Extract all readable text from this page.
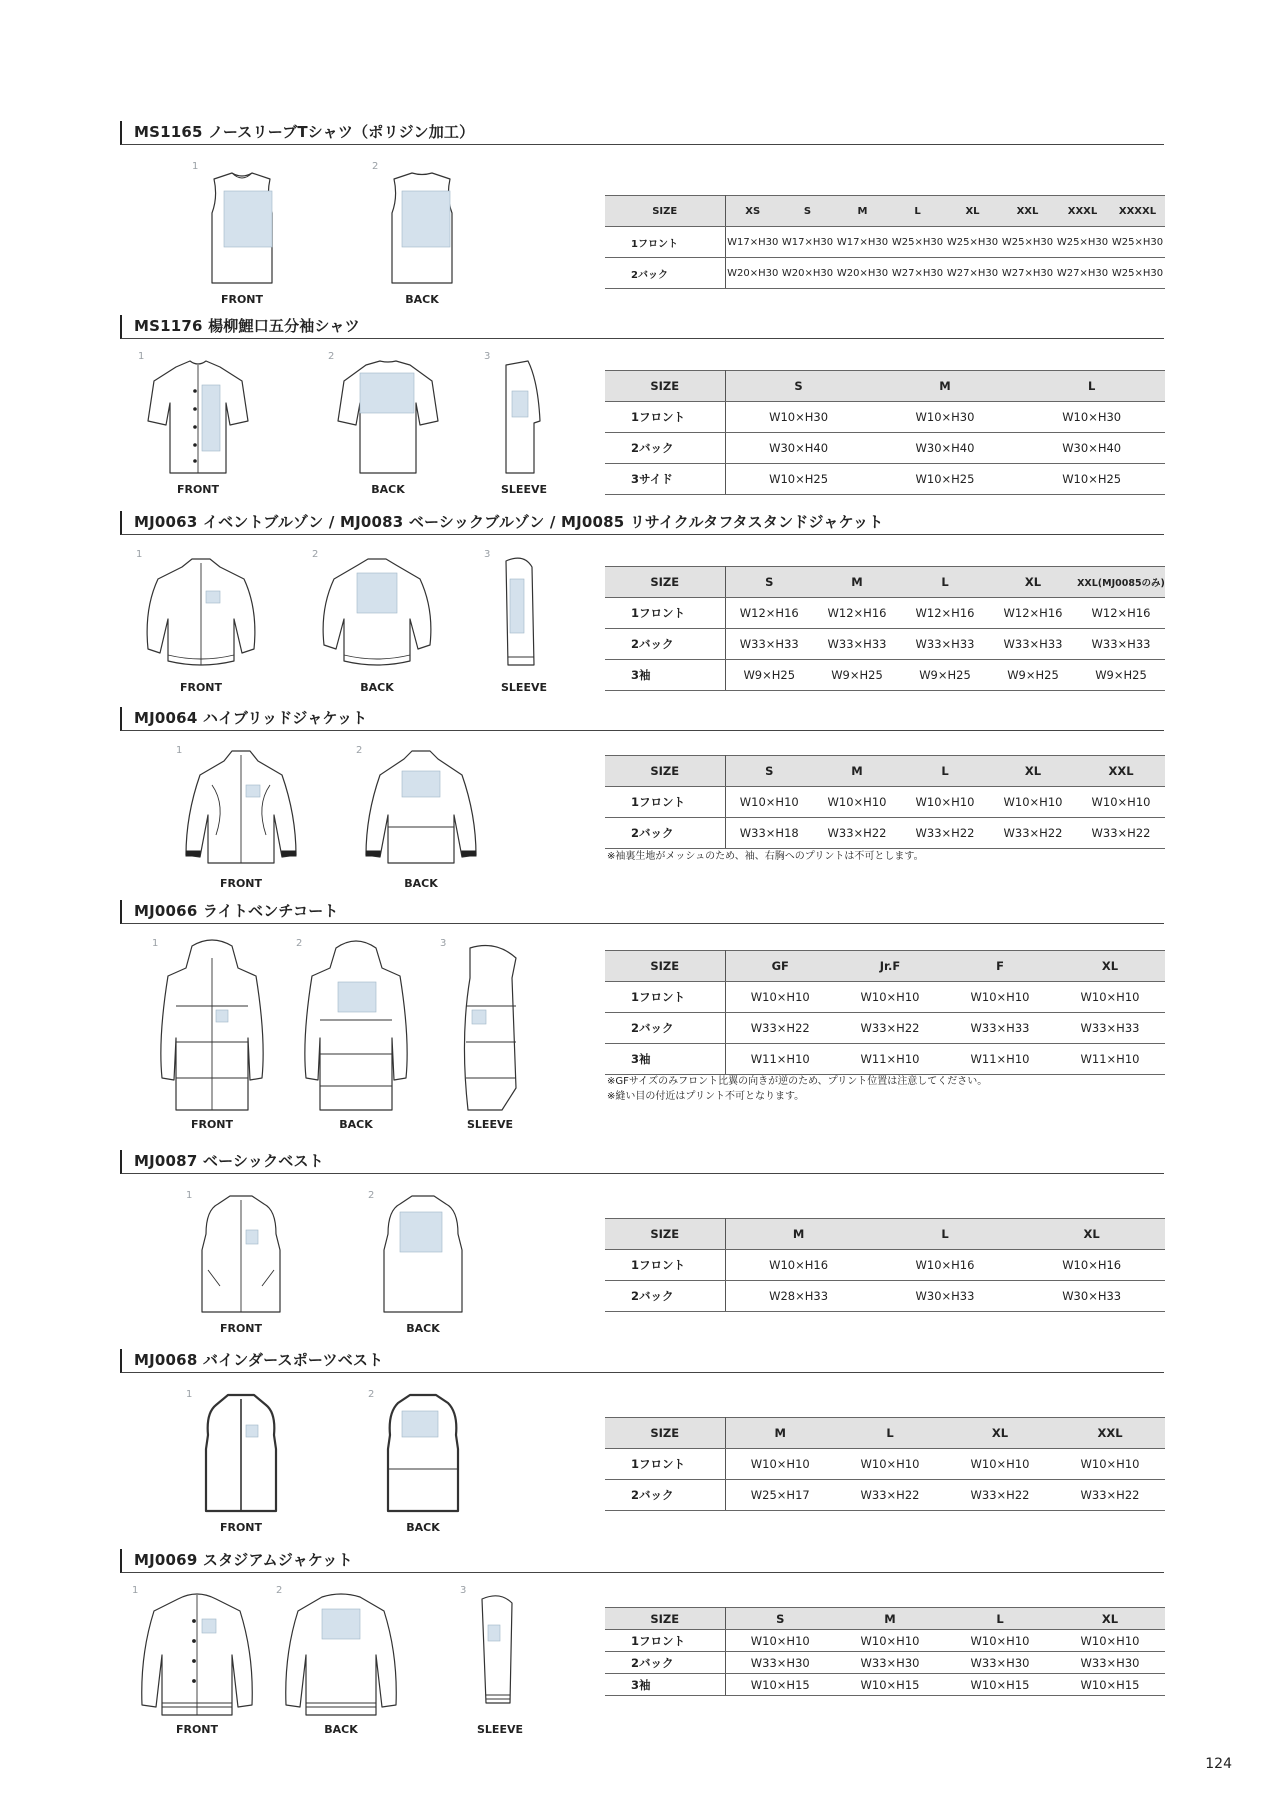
MS1165 ノースリーブTシャツ（ポリジン加工）
1
FRONT
2
BACK
SIZE	XS	S	M	L	XL	XXL	XXXL	XXXXL
1フロント	W17×H30	W17×H30	W17×H30	W25×H30	W25×H30	W25×H30	W25×H30	W25×H30
2バック	W20×H30	W20×H30	W20×H30	W27×H30	W27×H30	W27×H30	W27×H30	W25×H30
MS1176 楊柳鯉口五分袖シャツ
1
FRONT
2
BACK
3
SLEEVE
SIZE	S	M	L
1フロント	W10×H30	W10×H30	W10×H30
2バック	W30×H40	W30×H40	W30×H40
3サイド	W10×H25	W10×H25	W10×H25
MJ0063 イベントブルゾン / MJ0083 ベーシックブルゾン / MJ0085 リサイクルタフタスタンドジャケット
1
FRONT
2
BACK
3
SLEEVE
SIZE	S	M	L	XL	XXL(MJ0085のみ)
1フロント	W12×H16	W12×H16	W12×H16	W12×H16	W12×H16
2バック	W33×H33	W33×H33	W33×H33	W33×H33	W33×H33
3袖	W9×H25	W9×H25	W9×H25	W9×H25	W9×H25
MJ0064 ハイブリッドジャケット
1
FRONT
2
BACK
SIZE	S	M	L	XL	XXL
1フロント	W10×H10	W10×H10	W10×H10	W10×H10	W10×H10
2バック	W33×H18	W33×H22	W33×H22	W33×H22	W33×H22
※袖裏生地がメッシュのため、袖、右胸へのプリントは不可とします。
MJ0066 ライトベンチコート
1
FRONT
2
BACK
3
SLEEVE
SIZE	GF	Jr.F	F	XL
1フロント	W10×H10	W10×H10	W10×H10	W10×H10
2バック	W33×H22	W33×H22	W33×H33	W33×H33
3袖	W11×H10	W11×H10	W11×H10	W11×H10
※GFサイズのみフロント比翼の向きが逆のため、プリント位置は注意してください。
※縫い目の付近はプリント不可となります。
MJ0087 ベーシックベスト
1
FRONT
2
BACK
SIZE	M	L	XL
1フロント	W10×H16	W10×H16	W10×H16
2バック	W28×H33	W30×H33	W30×H33
MJ0068 バインダースポーツベスト
1
FRONT
2
BACK
SIZE	M	L	XL	XXL
1フロント	W10×H10	W10×H10	W10×H10	W10×H10
2バック	W25×H17	W33×H22	W33×H22	W33×H22
MJ0069 スタジアムジャケット
1
FRONT
2
BACK
3
SLEEVE
SIZE	S	M	L	XL
1フロント	W10×H10	W10×H10	W10×H10	W10×H10
2バック	W33×H30	W33×H30	W33×H30	W33×H30
3袖	W10×H15	W10×H15	W10×H15	W10×H15
124
